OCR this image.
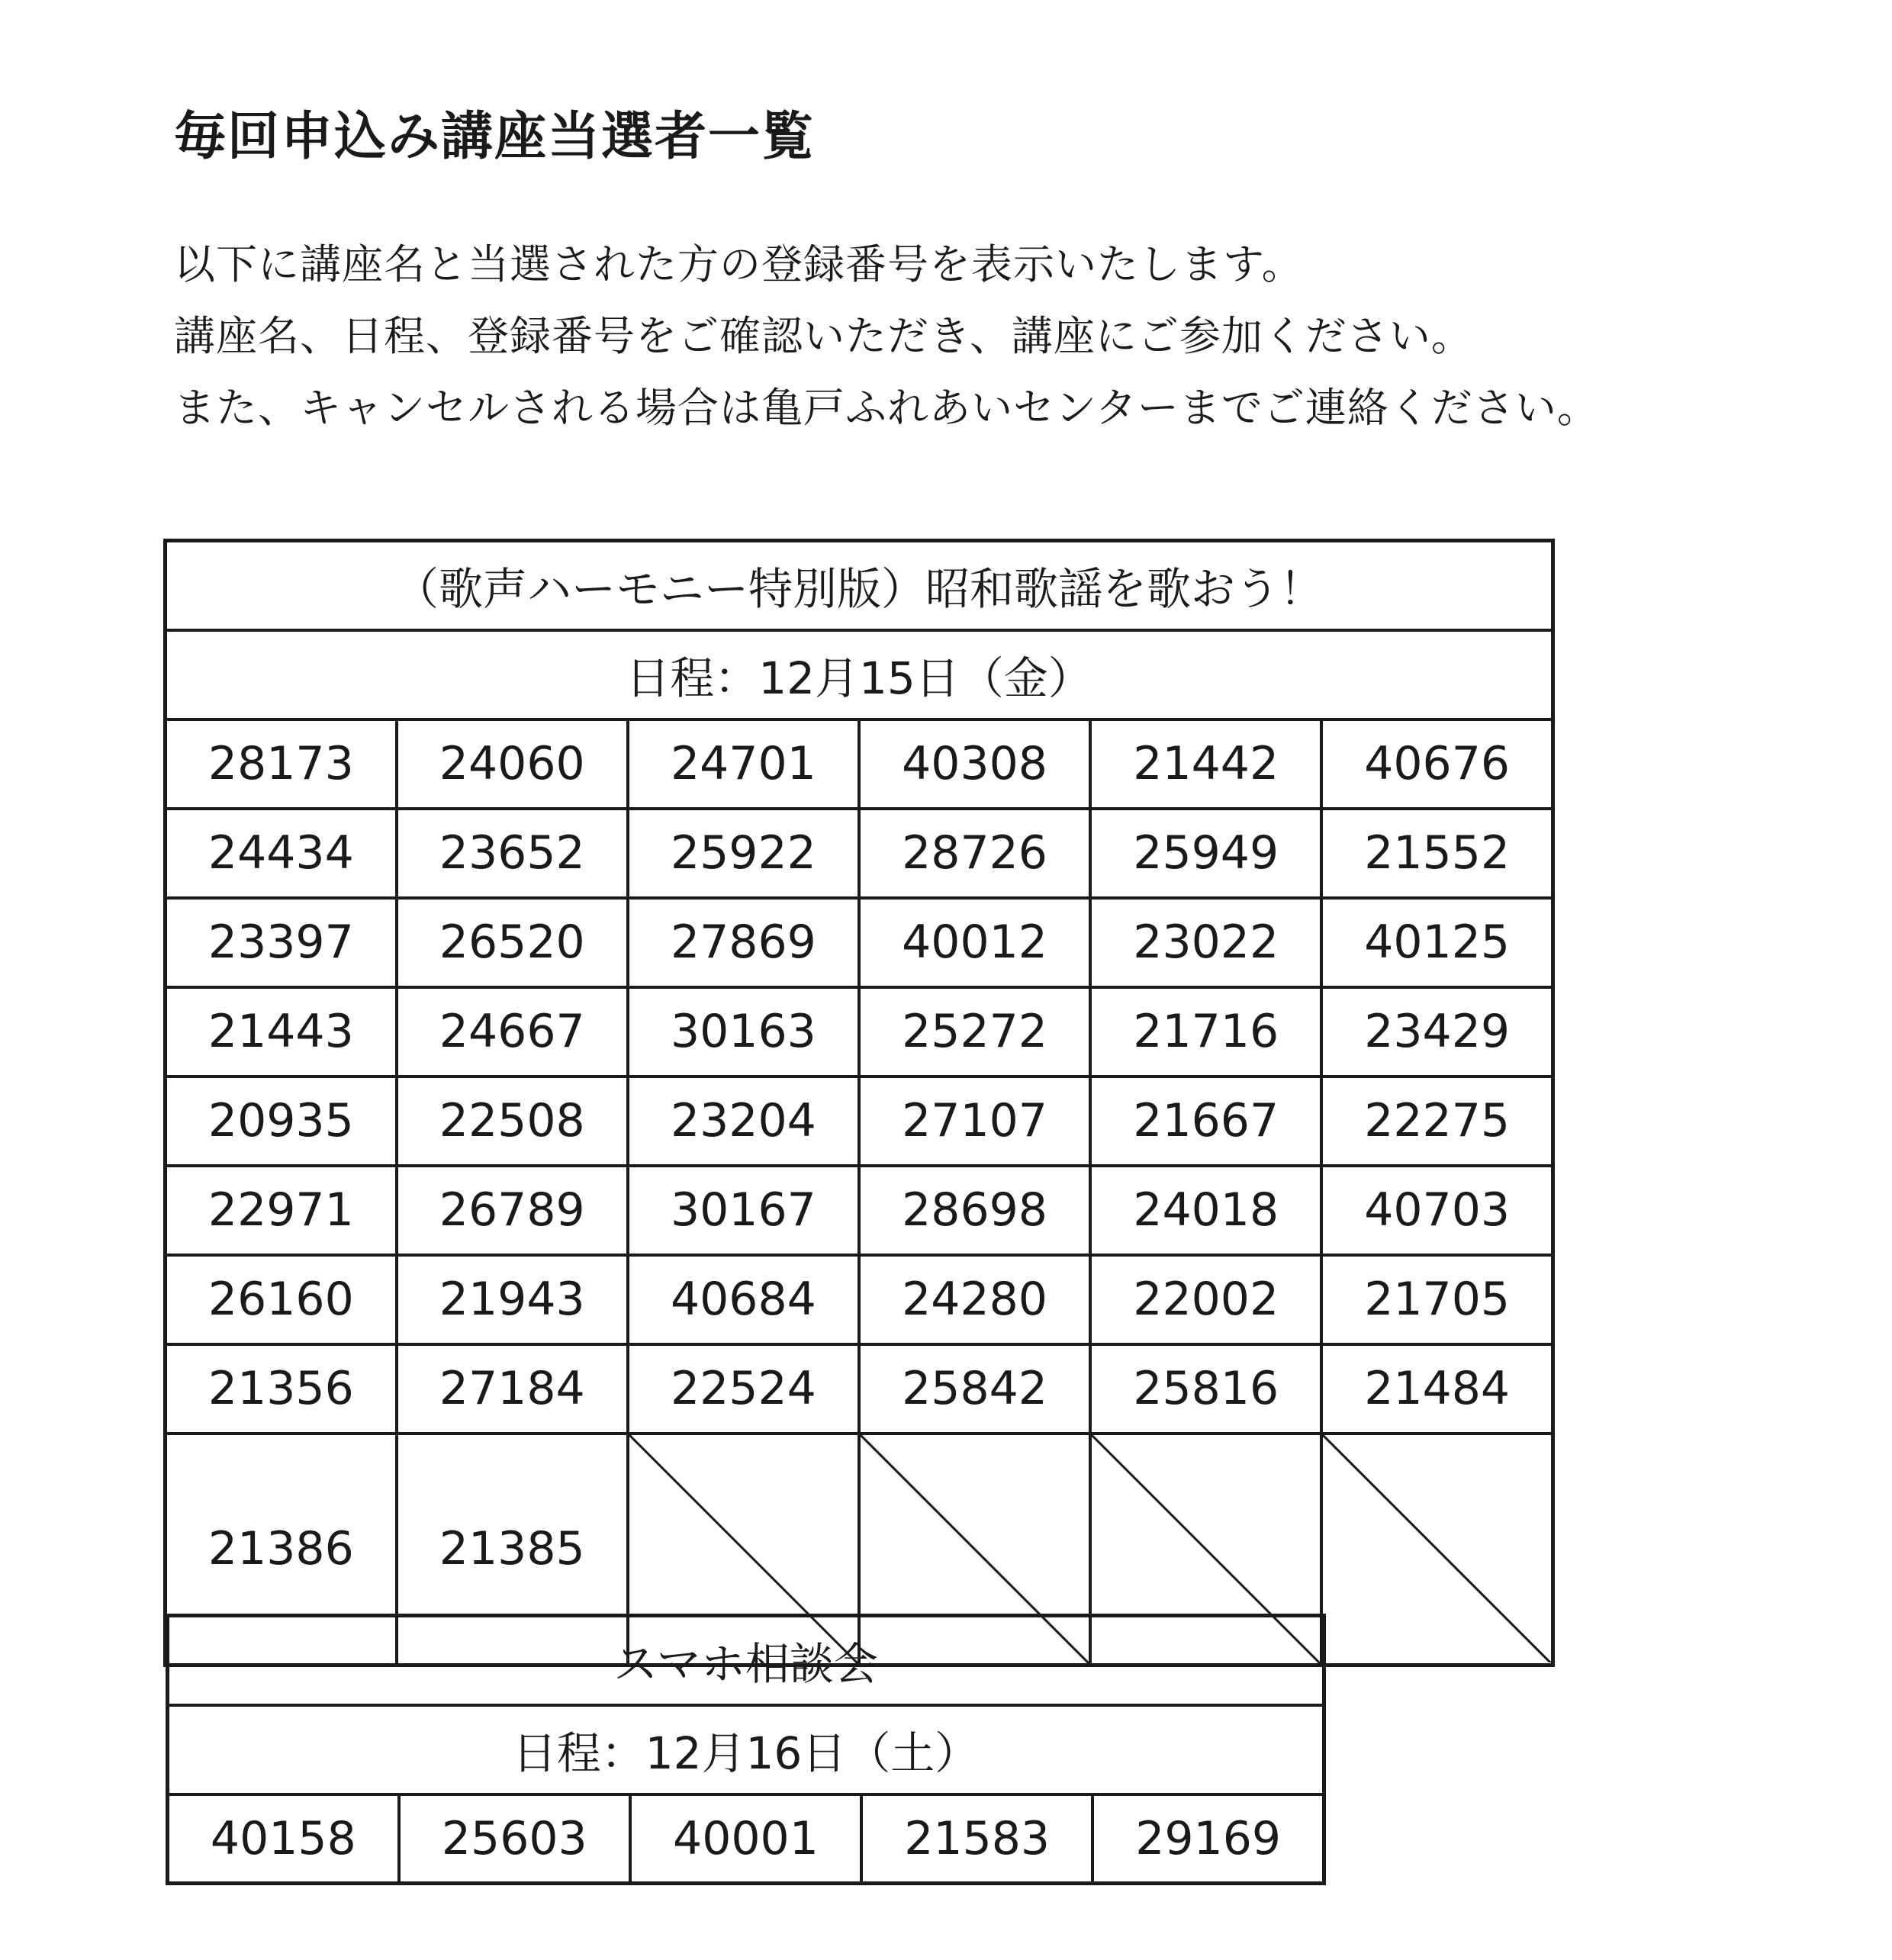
毎回申込み講座当選者一覧
以下に講座名と当選された方の登録番号を表示いたします。
講座名、日程、登録番号をご確認いただき、講座にご参加ください。
また、キャンセルされる場合は亀戸ふれあいセンターまでご連絡ください。
（歌声ハーモニー特別版）昭和歌謡を歌おう！					
日程：12月15日（金）					
28173	24060	24701	40308	21442	40676
24434	23652	25922	28726	25949	21552
23397	26520	27869	40012	23022	40125
21443	24667	30163	25272	21716	23429
20935	22508	23204	27107	21667	22275
22971	26789	30167	28698	24018	40703
26160	21943	40684	24280	22002	21705
21356	27184	22524	25842	25816	21484
21386	21385	

スマホ相談会
日程：12月16日（土）
40158	25603	40001	21583	29169
